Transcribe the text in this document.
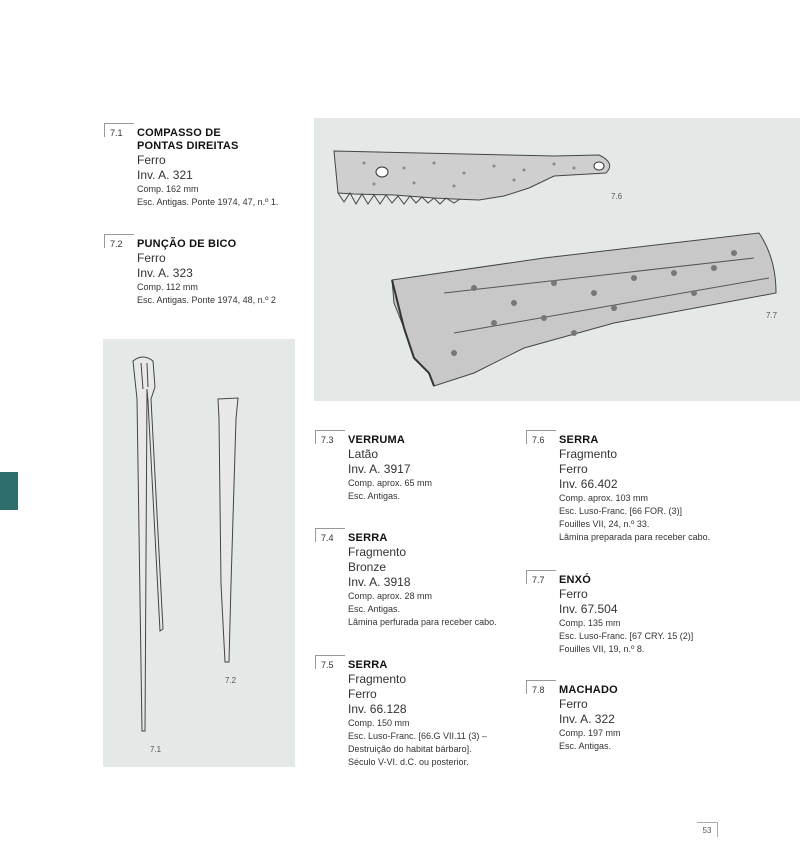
7.6
7.7
7.1
7.2
7.1	COMPASSO DE
PONTAS DIREITAS
Ferro
Inv. A. 321
Comp. 162 mm
Esc. Antigas. Ponte 1974, 47, n.º 1.
7.2	PUNÇÃO DE BICO
Ferro
Inv. A. 323
Comp. 112 mm
Esc. Antigas. Ponte 1974, 48, n.º 2
7.3	VERRUMA
Latão
Inv. A. 3917
Comp. aprox. 65 mm
Esc. Antigas.
7.4	SERRA
Fragmento
Bronze
Inv. A. 3918
Comp. aprox. 28 mm
Esc. Antigas.
Lâmina perfurada para receber cabo.
7.5	SERRA
Fragmento
Ferro
Inv. 66.128
Comp. 150 mm
Esc. Luso-Franc. [66.G VII.11 (3) –
Destruição do habitat bárbaro].
Século V-VI. d.C. ou posterior.
7.6	SERRA
Fragmento
Ferro
Inv. 66.402
Comp. aprox. 103 mm
Esc. Luso-Franc. [66 FOR. (3)]
Fouilles VII, 24, n.º 33.
Lâmina preparada para receber cabo.
7.7	ENXÓ
Ferro
Inv. 67.504
Comp. 135 mm
Esc. Luso-Franc. [67 CRY. 15 (2)]
Fouilles VII, 19, n.º 8.
7.8	MACHADO
Ferro
Inv. A. 322
Comp. 197 mm
Esc. Antigas.
53
